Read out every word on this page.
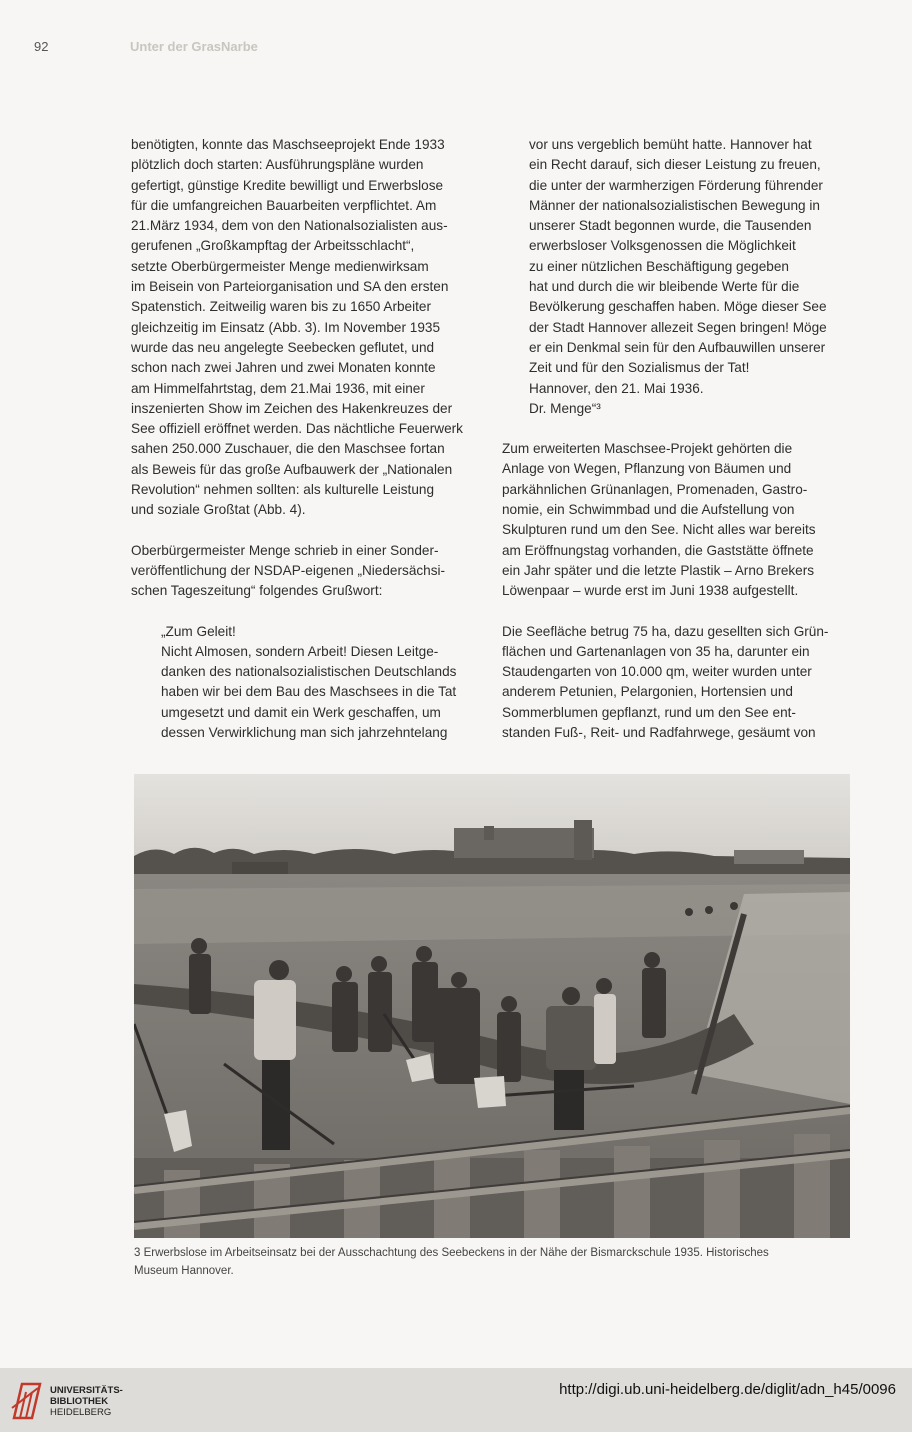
92	Unter der GrasNarbe

benötigten, konnte das Maschseeprojekt Ende 1933

plötzlich doch starten: Ausführungspläne wurden

gefertigt, günstige Kredite bewilligt und Erwerbslose

für die umfangreichen Bauarbeiten verpflichtet. Am

21.März 1934, dem von den Nationalsozialisten aus-

gerufenen „Großkampftag der Arbeitsschlacht“,

setzte Oberbürgermeister Menge medienwirksam

im Beisein von Parteiorganisation und SA den ersten

Spatenstich. Zeitweilig waren bis zu 1650 Arbeiter

gleichzeitig im Einsatz (Abb. 3). Im November 1935

wurde das neu angelegte Seebecken geflutet, und

schon nach zwei Jahren und zwei Monaten konnte

am Himmelfahrtstag, dem 21.Mai 1936, mit einer

inszenierten Show im Zeichen des Hakenkreuzes der

See offiziell eröffnet werden. Das nächtliche Feuerwerk

sahen 250.000 Zuschauer, die den Maschsee fortan

als Beweis für das große Aufbauwerk der „Nationalen

Revolution“ nehmen sollten: als kulturelle Leistung

und soziale Großtat (Abb. 4).

Oberbürgermeister Menge schrieb in einer Sonder-

veröffentlichung der NSDAP-eigenen „Niedersächsi-

schen Tageszeitung“ folgendes Grußwort:

„Zum Geleit!

Nicht Almosen, sondern Arbeit! Diesen Leitge-

danken des nationalsozialistischen Deutschlands

haben wir bei dem Bau des Maschsees in die Tat

umgesetzt und damit ein Werk geschaffen, um

dessen Verwirklichung man sich jahrzehntelang

vor uns vergeblich bemüht hatte. Hannover hat

ein Recht darauf, sich dieser Leistung zu freuen,

die unter der warmherzigen Förderung führender

Männer der nationalsozialistischen Bewegung in

unserer Stadt begonnen wurde, die Tausenden

erwerbsloser Volksgenossen die Möglichkeit

zu einer nützlichen Beschäftigung gegeben

hat und durch die wir bleibende Werte für die

Bevölkerung geschaffen haben. Möge dieser See

der Stadt Hannover allezeit Segen bringen! Möge

er ein Denkmal sein für den Aufbauwillen unserer

Zeit und für den Sozialismus der Tat!

Hannover, den 21. Mai 1936.

Dr. Menge“³

Zum erweiterten Maschsee-Projekt gehörten die

Anlage von Wegen, Pflanzung von Bäumen und

parkähnlichen Grünanlagen, Promenaden, Gastro-

nomie, ein Schwimmbad und die Aufstellung von

Skulpturen rund um den See. Nicht alles war bereits

am Eröffnungstag vorhanden, die Gaststätte öffnete

ein Jahr später und die letzte Plastik – Arno Brekers

Löwenpaar – wurde erst im Juni 1938 aufgestellt.

Die Seefläche betrug 75 ha, dazu gesellten sich Grün-

flächen und Gartenanlagen von 35 ha, darunter ein

Staudengarten von 10.000 qm, weiter wurden unter

anderem Petunien, Pelargonien, Hortensien und

Sommerblumen gepflanzt, rund um den See ent-

standen Fuß-, Reit- und Radfahrwege, gesäumt von

3 Erwerbslose im Arbeitseinsatz bei der Ausschachtung des Seebeckens in der Nähe der Bismarckschule 1935. Historisches
Museum Hannover.
UNIVERSITÄTS-
BIBLIOTHEK
HEIDELBERG
http://digi.ub.uni-heidelberg.de/diglit/adn_h45/0096
